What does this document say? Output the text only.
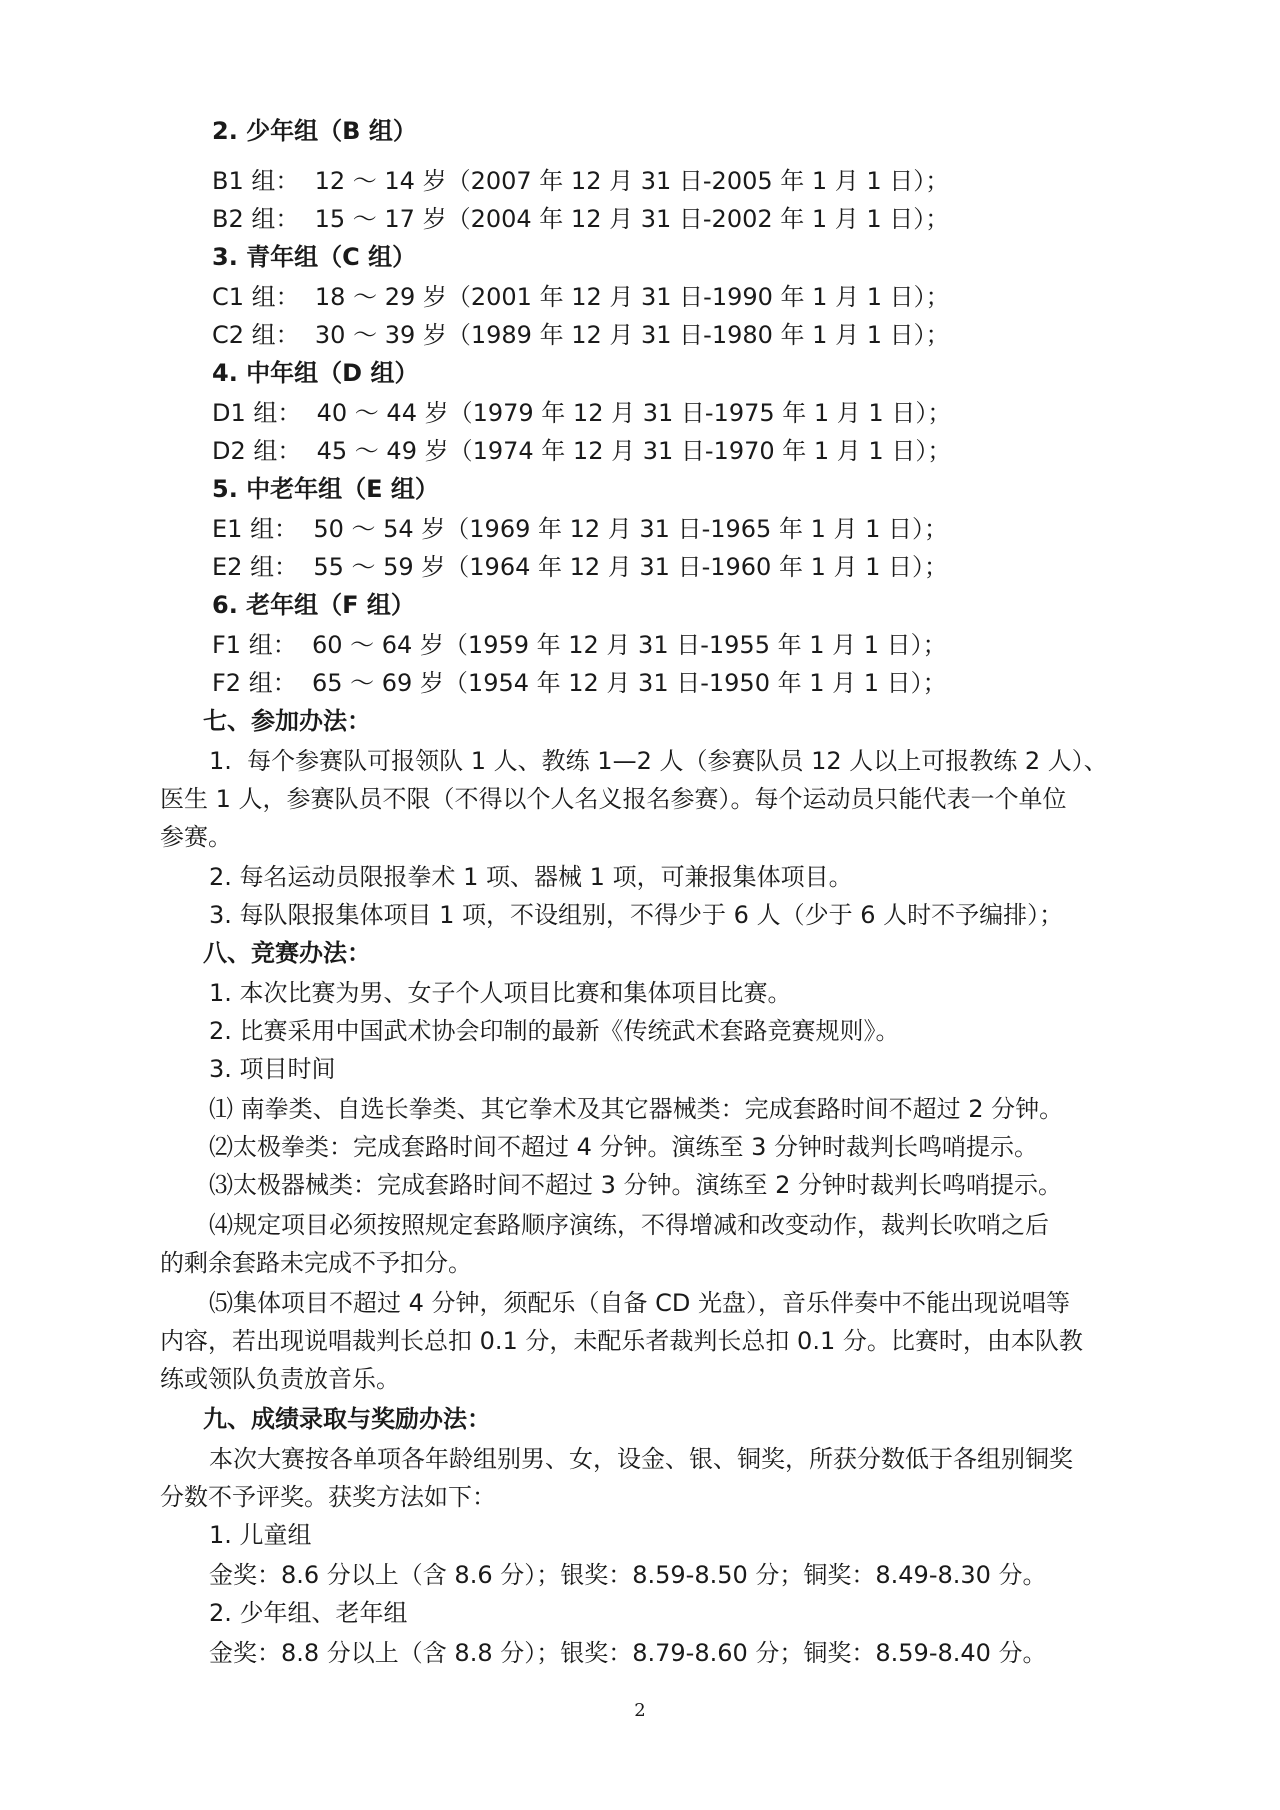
2. 少年组（B 组）
B1 组：  12 ～ 14 岁（2007 年 12 月 31 日-2005 年 1 月 1 日）；
B2 组：  15 ～ 17 岁（2004 年 12 月 31 日-2002 年 1 月 1 日）；
3. 青年组（C 组）
C1 组：  18 ～ 29 岁（2001 年 12 月 31 日-1990 年 1 月 1 日）；
C2 组：  30 ～ 39 岁（1989 年 12 月 31 日-1980 年 1 月 1 日）；
4. 中年组（D 组）
D1 组：  40 ～ 44 岁（1979 年 12 月 31 日-1975 年 1 月 1 日）；
D2 组：  45 ～ 49 岁（1974 年 12 月 31 日-1970 年 1 月 1 日）；
5. 中老年组（E 组）
E1 组：  50 ～ 54 岁（1969 年 12 月 31 日-1965 年 1 月 1 日）；
E2 组：  55 ～ 59 岁（1964 年 12 月 31 日-1960 年 1 月 1 日）；
6. 老年组（F 组）
F1 组：  60 ～ 64 岁（1959 年 12 月 31 日-1955 年 1 月 1 日）；
F2 组：  65 ～ 69 岁（1954 年 12 月 31 日-1950 年 1 月 1 日）；
七、参加办法：
1.  每个参赛队可报领队 1 人、教练 1—2 人（参赛队员 12 人以上可报教练 2 人）、
医生 1 人，参赛队员不限（不得以个人名义报名参赛）。每个运动员只能代表一个单位
参赛。
2. 每名运动员限报拳术 1 项、器械 1 项，可兼报集体项目。
3. 每队限报集体项目 1 项，不设组别，不得少于 6 人（少于 6 人时不予编排）；
八、竞赛办法：
1. 本次比赛为男、女子个人项目比赛和集体项目比赛。
2. 比赛采用中国武术协会印制的最新《传统武术套路竞赛规则》。
3. 项目时间
⑴ 南拳类、自选长拳类、其它拳术及其它器械类：完成套路时间不超过 2 分钟。
⑵太极拳类：完成套路时间不超过 4 分钟。演练至 3 分钟时裁判长鸣哨提示。
⑶太极器械类：完成套路时间不超过 3 分钟。演练至 2 分钟时裁判长鸣哨提示。
⑷规定项目必须按照规定套路顺序演练，不得增减和改变动作，裁判长吹哨之后
的剩余套路未完成不予扣分。
⑸集体项目不超过 4 分钟，须配乐（自备 CD 光盘），音乐伴奏中不能出现说唱等
内容，若出现说唱裁判长总扣 0.1 分，未配乐者裁判长总扣 0.1 分。比赛时，由本队教
练或领队负责放音乐。
九、成绩录取与奖励办法：
本次大赛按各单项各年龄组别男、女，设金、银、铜奖，所获分数低于各组别铜奖
分数不予评奖。获奖方法如下：
1. 儿童组
金奖：8.6 分以上（含 8.6 分）；银奖：8.59-8.50 分；铜奖：8.49-8.30 分。
2. 少年组、老年组
金奖：8.8 分以上（含 8.8 分）；银奖：8.79-8.60 分；铜奖：8.59-8.40 分。
2
